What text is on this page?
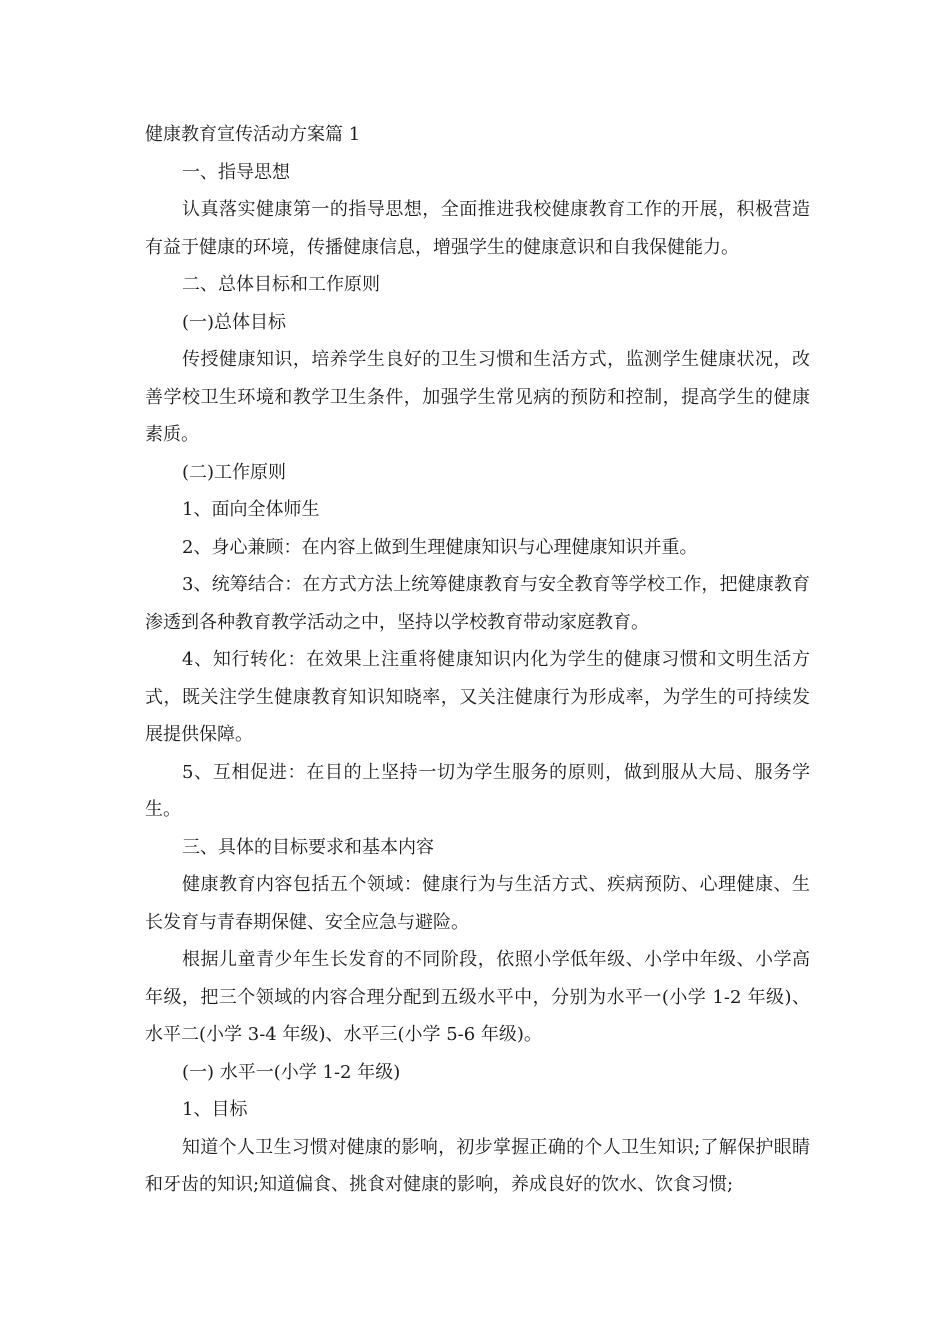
健康教育宣传活动方案篇 1

一、指导思想

认真落实健康第一的指导思想，全面推进我校健康教育工作的开展，积极营造有益于健康的环境，传播健康信息，增强学生的健康意识和自我保健能力。

二、总体目标和工作原则

(一)总体目标

传授健康知识，培养学生良好的卫生习惯和生活方式，监测学生健康状况，改善学校卫生环境和教学卫生条件，加强学生常见病的预防和控制，提高学生的健康素质。

(二)工作原则

1、面向全体师生

2、身心兼顾：在内容上做到生理健康知识与心理健康知识并重。

3、统筹结合：在方式方法上统筹健康教育与安全教育等学校工作，把健康教育渗透到各种教育教学活动之中，坚持以学校教育带动家庭教育。

4、知行转化：在效果上注重将健康知识内化为学生的健康习惯和文明生活方式，既关注学生健康教育知识知晓率，又关注健康行为形成率，为学生的可持续发展提供保障。

5、互相促进：在目的上坚持一切为学生服务的原则，做到服从大局、服务学生。

三、具体的目标要求和基本内容

健康教育内容包括五个领域：健康行为与生活方式、疾病预防、心理健康、生长发育与青春期保健、安全应急与避险。

根据儿童青少年生长发育的不同阶段，依照小学低年级、小学中年级、小学高年级，把三个领域的内容合理分配到五级水平中，分别为水平一(小学 1-2 年级)、水平二(小学 3-4 年级)、水平三(小学 5-6 年级)。

(一) 水平一(小学 1-2 年级)

1、目标

知道个人卫生习惯对健康的影响，初步掌握正确的个人卫生知识;了解保护眼睛和牙齿的知识;知道偏食、挑食对健康的影响，养成良好的饮水、饮食习惯;
